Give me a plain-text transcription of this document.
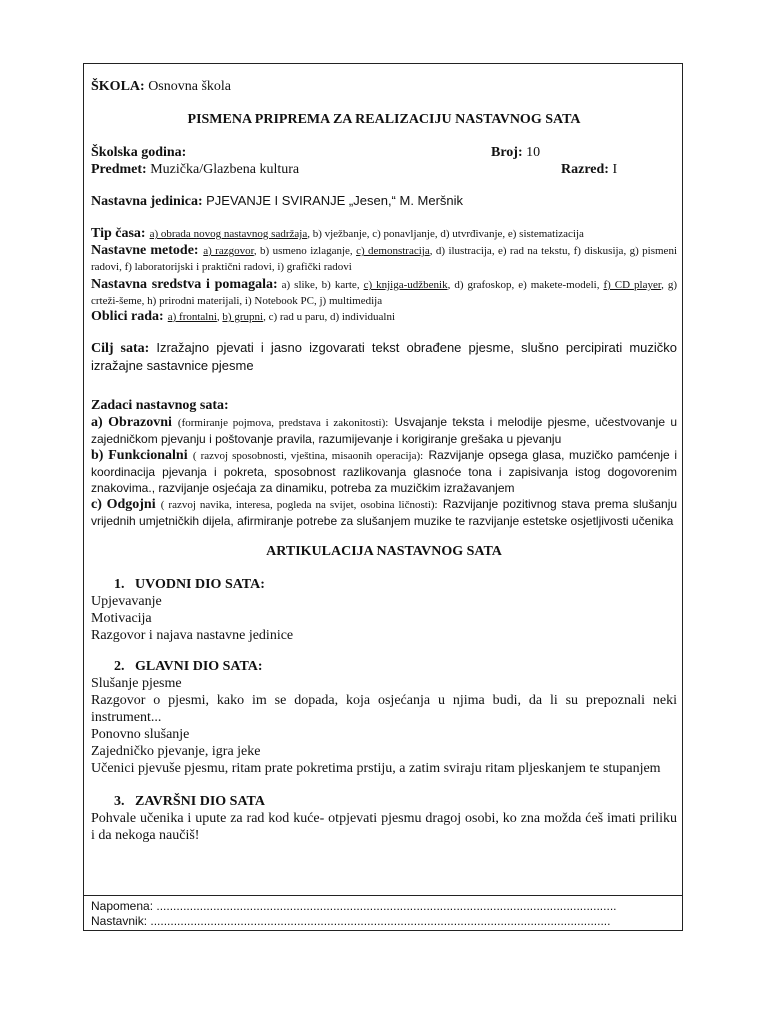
ŠKOLA: Osnovna škola
PISMENA PRIPREMA ZA REALIZACIJU NASTAVNOG SATA
Školska godina:	Broj: 10
Predmet: Muzička/Glazbena kultura	Razred: I
Nastavna jedinica: PJEVANJE I SVIRANJE „Jesen,“ M. Meršnik
Tip časa: a) obrada novog nastavnog sadržaja, b) vježbanje, c) ponavljanje, d) utvrđivanje, e) sistematizacija
Nastavne metode: a) razgovor, b) usmeno izlaganje, c) demonstracija, d) ilustracija, e) rad na tekstu, f) diskusija, g) pismeni radovi, f) laboratorijski i praktični radovi, i) grafički radovi
Nastavna sredstva i pomagala: a) slike, b) karte, c) knjiga-udžbenik, d) grafoskop, e) makete-modeli, f) CD player, g) crteži-šeme, h) prirodni materijali, i) Notebook PC, j) multimedija
Oblici rada: a) frontalni, b) grupni, c) rad u paru, d) individualni
Cilj sata: Izražajno pjevati i jasno izgovarati tekst obrađene pjesme, slušno percipirati muzičko izražajne sastavnice pjesme
Zadaci nastavnog sata:
a) Obrazovni (formiranje pojmova, predstava i zakonitosti): Usvajanje teksta i melodije pjesme, učestvovanje u zajedničkom pjevanju i poštovanje pravila, razumijevanje i korigiranje grešaka u pjevanju
b) Funkcionalni ( razvoj sposobnosti, vještina, misaonih operacija): Razvijanje opsega glasa, muzičko pamćenje i koordinacija pjevanja i pokreta, sposobnost razlikovanja glasnoće tona i zapisivanja istog dogovorenim znakovima., razvijanje osjećaja za dinamiku, potreba za muzičkim izražavanjem
c) Odgojni ( razvoj navika, interesa, pogleda na svijet, osobina ličnosti): Razvijanje pozitivnog stava prema slušanju vrijednih umjetničkih dijela, afirmiranje potrebe za slušanjem muzike te razvijanje estetske osjetljivosti učenika
ARTIKULACIJA NASTAVNOG SATA
1.   UVODNI DIO SATA:
Upjevavanje
Motivacija
Razgovor i najava nastavne jedinice
2.   GLAVNI DIO SATA:
Slušanje pjesme
Razgovor o pjesmi, kako im se dopada, koja osjećanja u njima budi, da li su prepoznali neki instrument...
Ponovno slušanje
Zajedničko pjevanje, igra jeke
Učenici pjevuše pjesmu, ritam prate pokretima prstiju, a zatim sviraju ritam pljeskanjem te stupanjem
3.   ZAVRŠNI DIO SATA
Pohvale učenika i upute za rad kod kuće- otpjevati pjesmu dragoj osobi, ko zna možda ćeš imati priliku i da nekoga naučiš!
Napomena: ..........................................................................................................................................
Nastavnik: ..........................................................................................................................................
